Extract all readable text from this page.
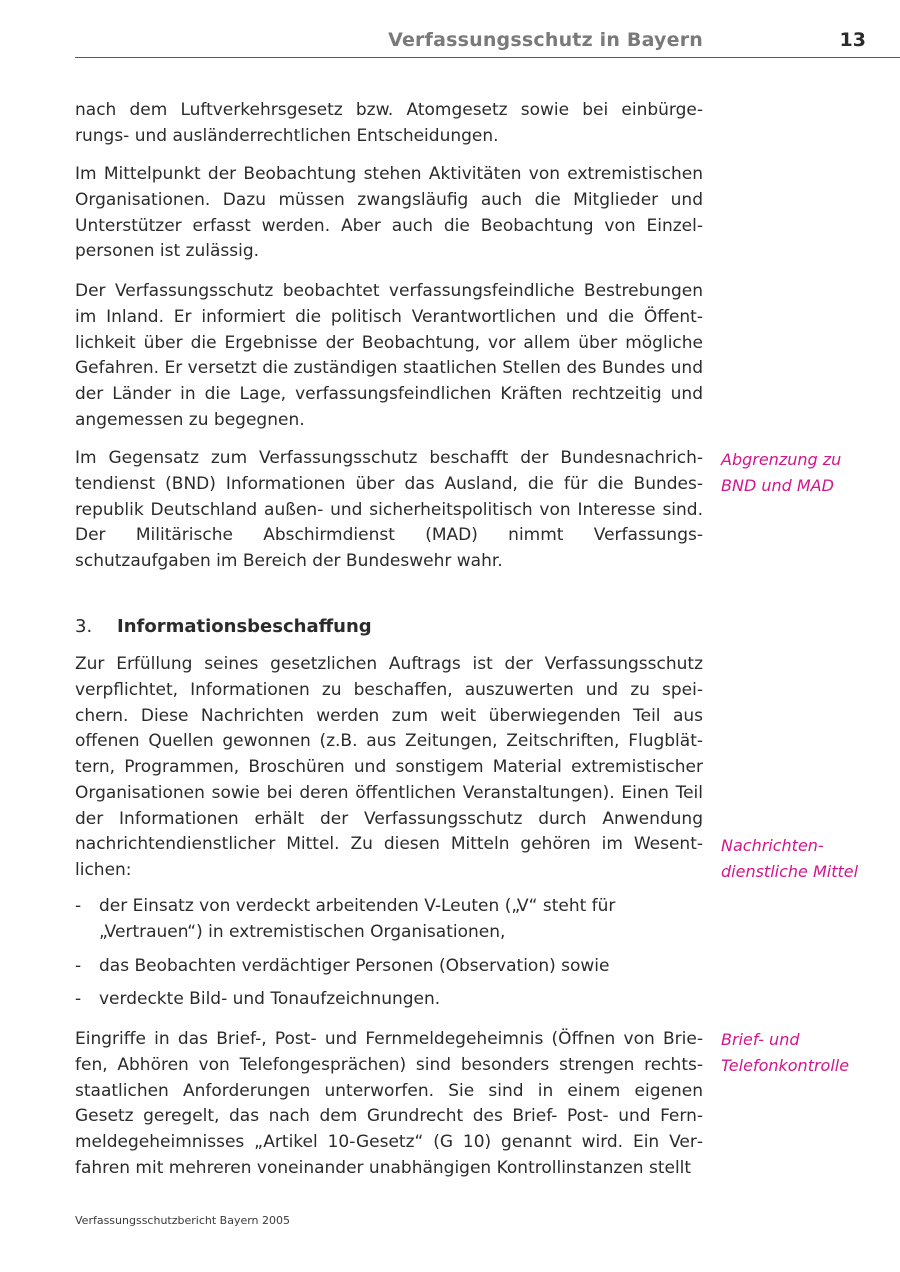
Verfassungsschutz in Bayern	13

nach dem Luftverkehrsgesetz bzw. Atomgesetz sowie bei einbürge-

rungs- und ausländerrechtlichen Entscheidungen.

Im Mittelpunkt der Beobachtung stehen Aktivitäten von extremistischen Organisationen. Dazu müssen zwangsläufig auch die Mitglieder und Unterstützer erfasst werden. Aber auch die Beobachtung von Einzelpersonen ist zulässig.

Der Verfassungsschutz beobachtet verfassungsfeindliche Bestrebungen im Inland. Er informiert die politisch Verantwortlichen und die Öffentlichkeit über die Ergebnisse der Beobachtung, vor allem über mögliche Gefahren. Er versetzt die zuständigen staatlichen Stellen des Bundes und der Länder in die Lage, verfassungsfeindlichen Kräften rechtzeitig und angemessen zu begegnen.

Im Gegensatz zum Verfassungsschutz beschafft der Bundesnachrichtendienst (BND) Informationen über das Ausland, die für die Bundesrepublik Deutschland außen- und sicherheitspolitisch von Interesse sind. Der Militärische Abschirmdienst (MAD) nimmt Verfassungsschutzaufgaben im Bereich der Bundeswehr wahr.

Abgrenzung zu
BND und MAD
3. Informationsbeschaffung

Zur Erfüllung seines gesetzlichen Auftrags ist der Verfassungsschutz verpflichtet, Informationen zu beschaffen, auszuwerten und zu speichern. Diese Nachrichten werden zum weit überwiegenden Teil aus offenen Quellen gewonnen (z.B. aus Zeitungen, Zeitschriften, Flugblättern, Programmen, Broschüren und sonstigem Material extremistischer Organisationen sowie bei deren öffentlichen Veranstaltungen). Einen Teil der Informationen erhält der Verfassungsschutz durch Anwendung nachrichtendienstlicher Mittel. Zu diesen Mitteln gehören im Wesentlichen:

Nachrichten-
dienstliche Mittel
- der Einsatz von verdeckt arbeitenden V-Leuten („V“ steht für „Vertrauen“) in extremistischen Organisationen,
- das Beobachten verdächtiger Personen (Observation) sowie
- verdeckte Bild- und Tonaufzeichnungen.

Eingriffe in das Brief-, Post- und Fernmeldegeheimnis (Öffnen von Briefen, Abhören von Telefongesprächen) sind besonders strengen rechtsstaatlichen Anforderungen unterworfen. Sie sind in einem eigenen Gesetz geregelt, das nach dem Grundrecht des Brief- Post- und Fernmeldegeheimnisses „Artikel 10-Gesetz“ (G 10) genannt wird. Ein Verfahren mit mehreren voneinander unabhängigen Kontrollinstanzen stellt

Brief- und
Telefonkontrolle
Verfassungsschutzbericht Bayern 2005
